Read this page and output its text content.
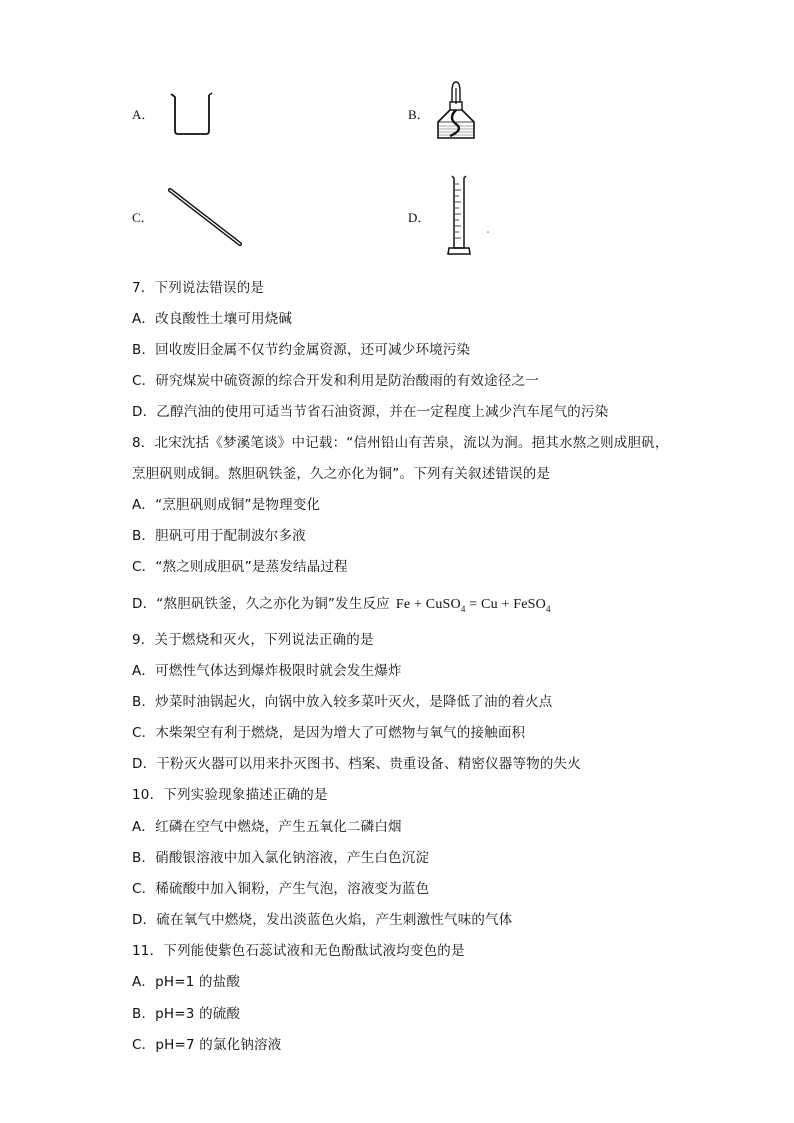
A．	B．
C．	D．
7．下列说法错误的是
A．改良酸性土壤可用烧碱
B．回收废旧金属不仅节约金属资源，还可减少环境污染
C．研究煤炭中硫资源的综合开发和利用是防治酸雨的有效途径之一
D．乙醇汽油的使用可适当节省石油资源，并在一定程度上减少汽车尾气的污染
8．北宋沈括《梦溪笔谈》中记载：“信州铅山有苦泉，流以为涧。挹其水熬之则成胆矾，
烹胆矾则成铜。熬胆矾铁釜，久之亦化为铜”。下列有关叙述错误的是
A．“烹胆矾则成铜”是物理变化
B．胆矾可用于配制波尔多液
C．“熬之则成胆矾”是蒸发结晶过程
D．“熬胆矾铁釜，久之亦化为铜”发生反应 Fe + CuSO$_4$ = Cu + FeSO$_4$
9．关于燃烧和灭火，下列说法正确的是
A．可燃性气体达到爆炸极限时就会发生爆炸
B．炒菜时油锅起火，向锅中放入较多菜叶灭火，是降低了油的着火点
C．木柴架空有利于燃烧，是因为增大了可燃物与氧气的接触面积
D．干粉灭火器可以用来扑灭图书、档案、贵重设备、精密仪器等物的失火
10．下列实验现象描述正确的是
A．红磷在空气中燃烧，产生五氧化二磷白烟
B．硝酸银溶液中加入氯化钠溶液，产生白色沉淀
C．稀硫酸中加入铜粉，产生气泡，溶液变为蓝色
D．硫在氧气中燃烧，发出淡蓝色火焰，产生刺激性气味的气体
11．下列能使紫色石蕊试液和无色酚酞试液均变色的是
A．pH=1 的盐酸
B．pH=3 的硫酸
C．pH=7 的氯化钠溶液
